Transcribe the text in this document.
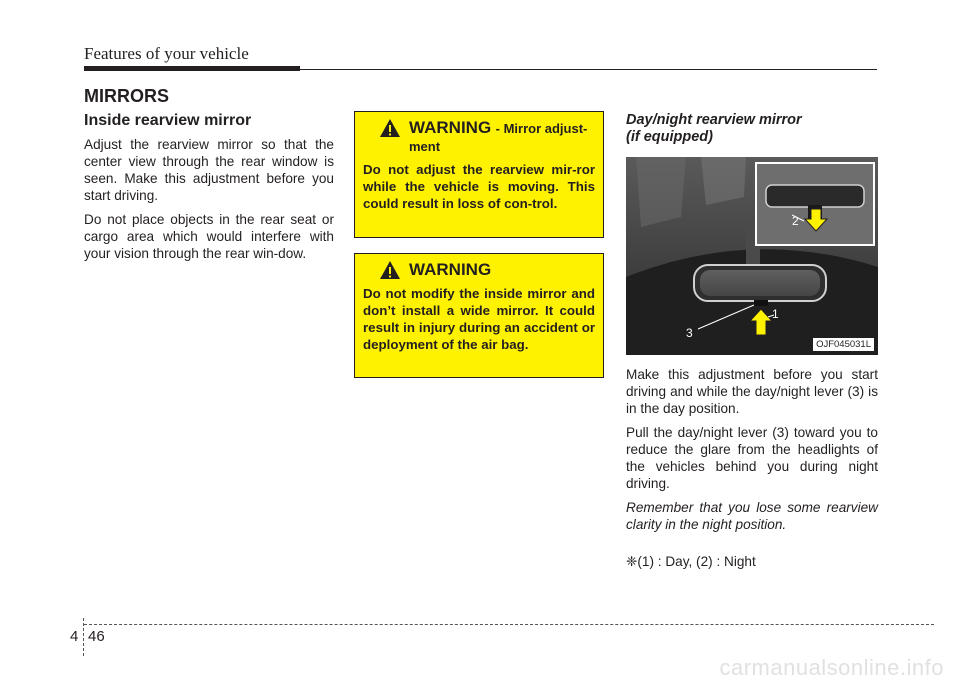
Features of your vehicle
MIRRORS

Inside rearview mirror

Adjust the rearview mirror so that the center view through the rear window is seen. Make this adjustment before you start driving.

Do not place objects in the rear seat or cargo area which would interfere with your vision through the rear win-dow.

WARNING - Mirror adjust-ment

Do not adjust the rearview mir-ror while the vehicle is moving. This could result in loss of con-trol.

WARNING

Do not modify the inside mirror and don’t install a wide mirror. It could result in injury during an accident or deployment of the air bag.

Day/night rearview mirror

(if equipped)

2
1
3
OJF045031L

Make this adjustment before you start driving and while the day/night lever (3) is in the day position.

Pull the day/night lever (3) toward you to reduce the glare from the headlights of the vehicles behind you during night driving.

Remember that you lose some rearview clarity in the night position.

❈(1) : Day, (2) : Night

4 46
carmanualsonline.info
